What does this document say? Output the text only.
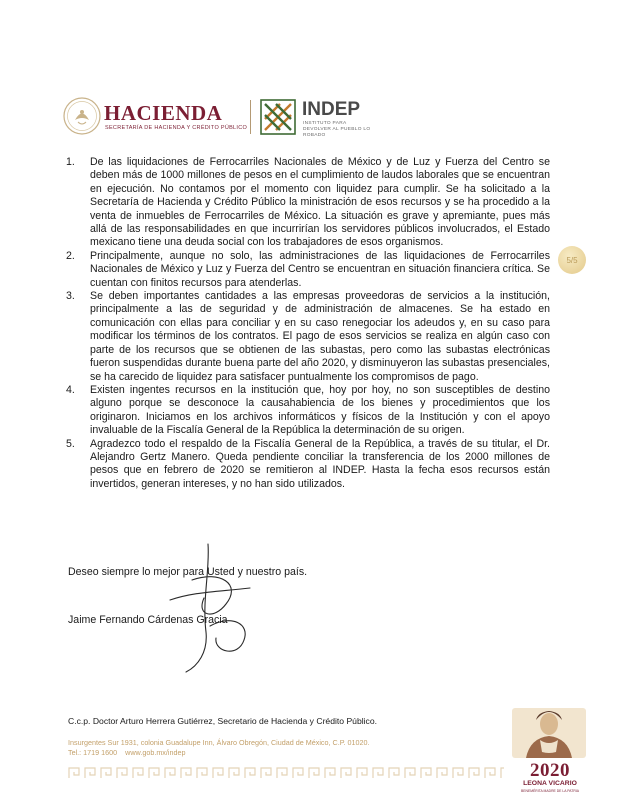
HACIENDA
SECRETARÍA DE HACIENDA Y CRÉDITO PÚBLICO
INDEP
INSTITUTO PARA DEVOLVER AL PUEBLO LO ROBADO
1. De las liquidaciones de Ferrocarriles Nacionales de México y de Luz y Fuerza del Centro se deben más de 1000 millones de pesos en el cumplimiento de laudos laborales que se encuentran en ejecución. No contamos por el momento con liquidez para cumplir. Se ha solicitado a la Secretaría de Hacienda y Crédito Público la ministración de esos recursos y se ha procedido a la venta de inmuebles de Ferrocarriles de México. La situación es grave y apremiante, pues más allá de las responsabilidades en que incurrirían los servidores públicos involucrados, el Estado mexicano tiene una deuda social con los trabajadores de esos organismos.
2. Principalmente, aunque no solo, las administraciones de las liquidaciones de Ferrocarriles Nacionales de México y Luz y Fuerza del Centro se encuentran en situación financiera crítica. Se cuentan con finitos recursos para atenderlas.
3. Se deben importantes cantidades a las empresas proveedoras de servicios a la institución, principalmente a las de seguridad y de administración de almacenes. Se ha estado en comunicación con ellas para conciliar y en su caso renegociar los adeudos y, en su caso para modificar los términos de los contratos. El pago de esos servicios se realiza en algún caso con parte de los recursos que se obtienen de las subastas, pero como las subastas electrónicas fueron suspendidas durante buena parte del año 2020, y disminuyeron las subastas presenciales, se ha carecido de liquidez para satisfacer puntualmente los compromisos de pago.
4. Existen ingentes recursos en la institución que, hoy por hoy, no son susceptibles de destino alguno porque se desconoce la causahabiencia de los bienes y procedimientos que los originaron. Iniciamos en los archivos informáticos y físicos de la Institución y con el apoyo invaluable de la Fiscalía General de la República la determinación de su origen.
5. Agradezco todo el respaldo de la Fiscalía General de la República, a través de su titular, el Dr. Alejandro Gertz Manero. Queda pendiente conciliar la transferencia de los 2000 millones de pesos que en febrero de 2020 se remitieron al INDEP. Hasta la fecha esos recursos están invertidos, generan intereses, y no han sido utilizados.
5/5
Deseo siempre lo mejor para Usted y nuestro país.
Jaime Fernando Cárdenas Gracia
C.c.p. Doctor Arturo Herrera Gutiérrez, Secretario de Hacienda y Crédito Público.
Insurgentes Sur 1931, colonia Guadalupe Inn, Álvaro Obregón, Ciudad de México, C.P. 01020.
Tel.: 1719 1600 www.gob.mx/indep
2020
LEONA VICARIO
BENEMÉRITA MADRE DE LA PATRIA
